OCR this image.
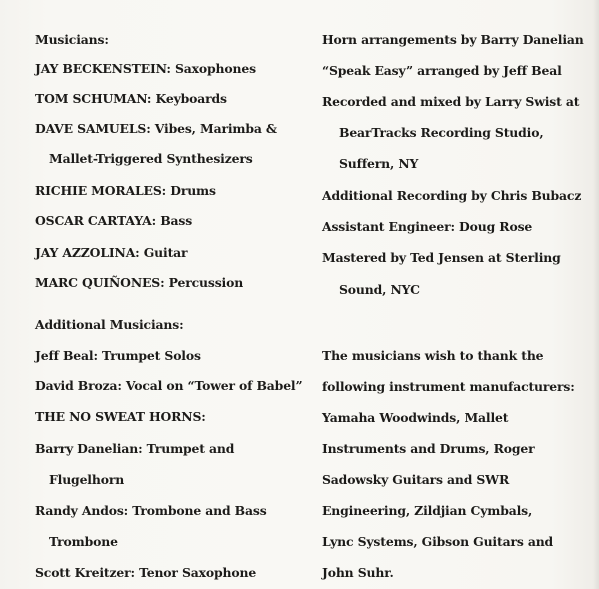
Musicians:
JAY BECKENSTEIN: Saxophones
TOM SCHUMAN: Keyboards
DAVE SAMUELS: Vibes, Marimba &
Mallet-Triggered Synthesizers
RICHIE MORALES: Drums
OSCAR CARTAYA: Bass
JAY AZZOLINA: Guitar
MARC QUIÑONES: Percussion
Additional Musicians:
Jeff Beal: Trumpet Solos
David Broza: Vocal on “Tower of Babel”
THE NO SWEAT HORNS:
Barry Danelian: Trumpet and
Flugelhorn
Randy Andos: Trombone and Bass
Trombone
Scott Kreitzer: Tenor Saxophone
Horn arrangements by Barry Danelian
“Speak Easy” arranged by Jeff Beal
Recorded and mixed by Larry Swist at
BearTracks Recording Studio,
Suffern, NY
Additional Recording by Chris Bubacz
Assistant Engineer: Doug Rose
Mastered by Ted Jensen at Sterling
Sound, NYC
The musicians wish to thank the
following instrument manufacturers:
Yamaha Woodwinds, Mallet
Instruments and Drums, Roger
Sadowsky Guitars and SWR
Engineering, Zildjian Cymbals,
Lync Systems, Gibson Guitars and
John Suhr.
